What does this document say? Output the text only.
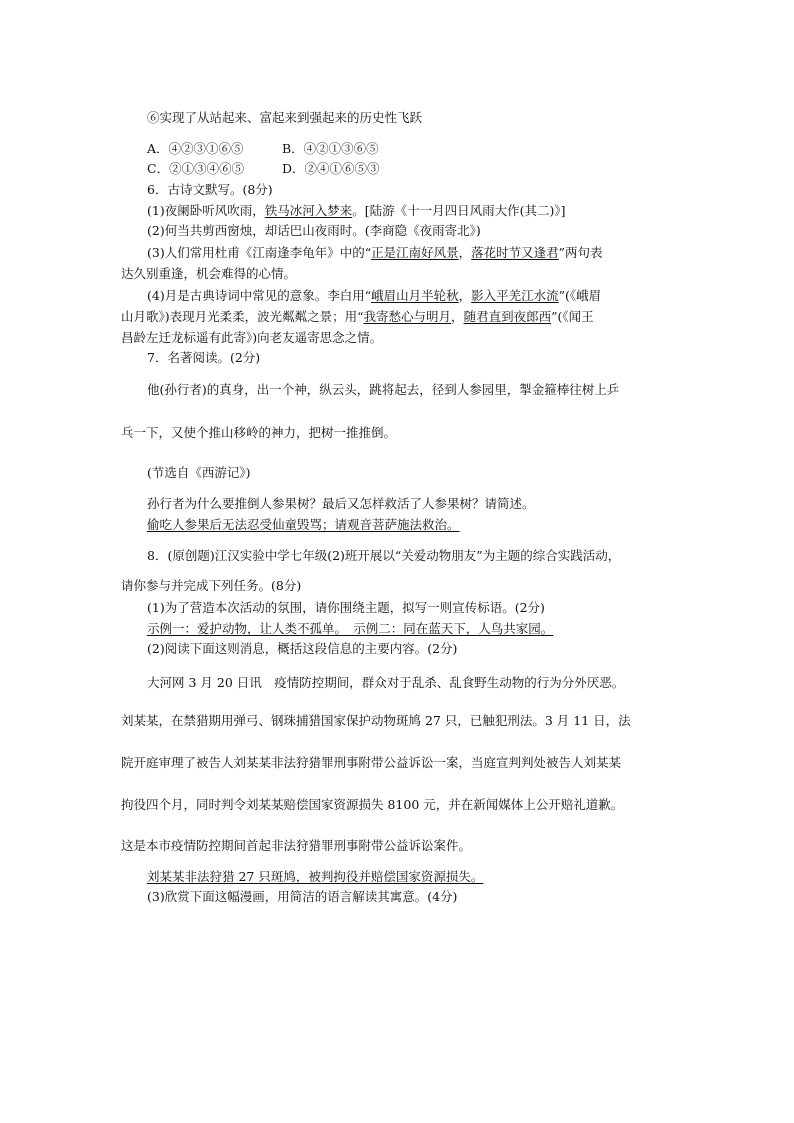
⑥实现了从站起来、富起来到强起来的历史性飞跃

A．④②③①⑥⑤	B．④②①③⑥⑤

C．②①③④⑥⑤	D．②④①⑥⑤③

6．古诗文默写。(8分)

(1)夜阑卧听风吹雨，铁马冰河入梦来。[陆游《十一月四日风雨大作(其二)》]

(2)何当共剪西窗烛，却话巴山夜雨时。(李商隐《夜雨寄北》)

(3)人们常用杜甫《江南逢李龟年》中的“正是江南好风景，落花时节又逢君”两句表

达久别重逢，机会难得的心情。

(4)月是古典诗词中常见的意象。李白用“峨眉山月半轮秋，影入平羌江水流”(《峨眉

山月歌》)表现月光柔柔，波光粼粼之景；用“我寄愁心与明月，随君直到夜郎西”(《闻王

昌龄左迁龙标遥有此寄》)向老友遥寄思念之情。

7．名著阅读。(2分)

他(孙行者)的真身，出一个神，纵云头，跳将起去，径到人参园里，掣金箍棒往树上乒

乓一下，又使个推山移岭的神力，把树一推推倒。

(节选自《西游记》)

孙行者为什么要推倒人参果树？最后又怎样救活了人参果树？请简述。

偷吃人参果后无法忍受仙童毁骂；请观音菩萨施法救治。

8．(原创题)江汉实验中学七年级(2)班开展以“关爱动物朋友”为主题的综合实践活动，

请你参与并完成下列任务。(8分)

(1)为了营造本次活动的氛围，请你围绕主题，拟写一则宣传标语。(2分)

示例一：爱护动物，让人类不孤单。　示例二：同在蓝天下，人鸟共家园。

(2)阅读下面这则消息，概括这段信息的主要内容。(2分)

大河网 3 月 20 日讯　疫情防控期间，群众对于乱杀、乱食野生动物的行为分外厌恶。

刘某某，在禁猎期用弹弓、钢珠捕猎国家保护动物斑鸠 27 只，已触犯刑法。3 月 11 日，法

院开庭审理了被告人刘某某非法狩猎罪刑事附带公益诉讼一案，当庭宣判判处被告人刘某某

拘役四个月，同时判令刘某某赔偿国家资源损失 8100 元，并在新闻媒体上公开赔礼道歉。

这是本市疫情防控期间首起非法狩猎罪刑事附带公益诉讼案件。

刘某某非法狩猎 27 只斑鸠，被判拘役并赔偿国家资源损失。

(3)欣赏下面这幅漫画，用简洁的语言解读其寓意。(4分)
